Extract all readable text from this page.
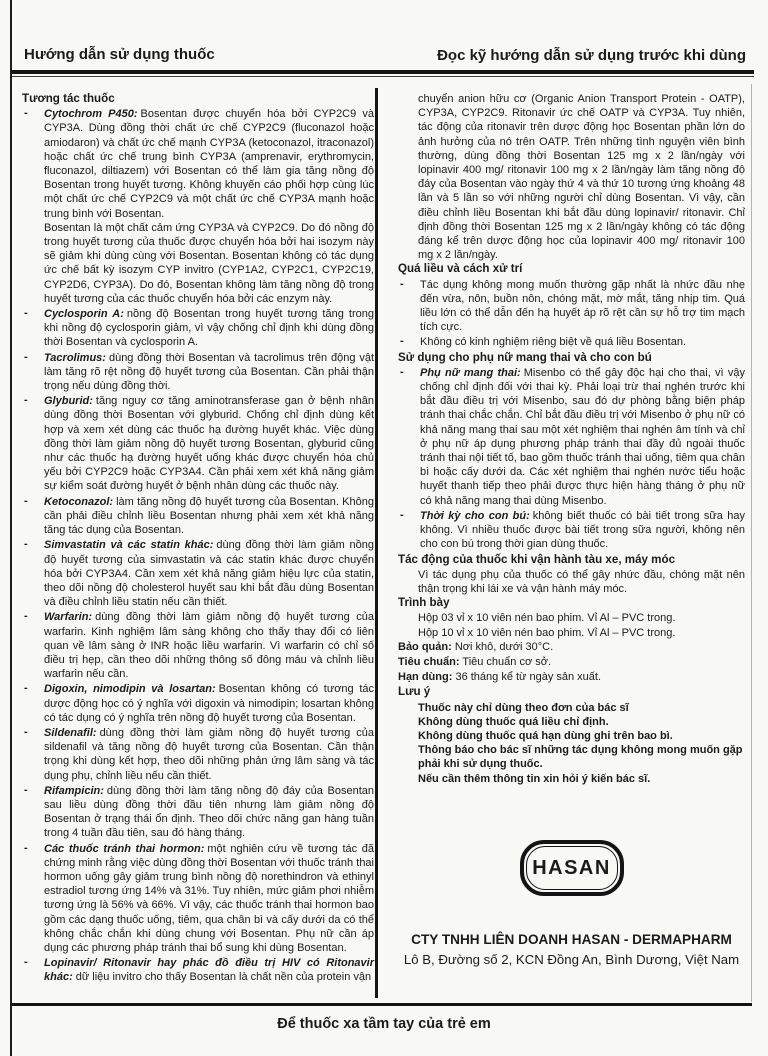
Hướng dẫn sử dụng thuốc	Đọc kỹ hướng dẫn sử dụng trước khi dùng
Tương tác thuốc

- Cytochrom P450: Bosentan được chuyển hóa bởi CYP2C9 và CYP3A. Dùng đồng thời chất ức chế CYP2C9 (fluconazol hoặc amiodaron) và chất ức chế mạnh CYP3A (ketoconazol, itraconazol) hoặc chất ức chế trung bình CYP3A (amprenavir, erythromycin, fluconazol, diltiazem) với Bosentan có thể làm gia tăng nồng độ Bosentan trong huyết tương. Không khuyến cáo phối hợp cùng lúc một chất ức chế CYP2C9 và một chất ức chế CYP3A mạnh hoặc trung bình với Bosentan.

Bosentan là một chất cảm ứng CYP3A và CYP2C9. Do đó nồng độ trong huyết tương của thuốc được chuyển hóa bởi hai isozym này sẽ giảm khi dùng cùng với Bosentan. Bosentan không có tác dụng ức chế bất kỳ isozym CYP invitro (CYP1A2, CYP2C1, CYP2C19, CYP2D6, CYP3A). Do đó, Bosentan không làm tăng nồng độ trong huyết tương của các thuốc chuyển hóa bởi các enzym này.

- Cyclosporin A: nồng độ Bosentan trong huyết tương tăng trong khi nồng độ cyclosporin giảm, vì vậy chống chỉ định khi dùng đồng thời Bosentan và cyclosporin A.

- Tacrolimus: dùng đồng thời Bosentan và tacrolimus trên động vật làm tăng rõ rệt nồng độ huyết tương của Bosentan. Cần phải thận trọng nếu dùng đồng thời.

- Glyburid: tăng nguy cơ tăng aminotransferase gan ở bệnh nhân dùng đồng thời Bosentan với glyburid. Chống chỉ định dùng kết hợp và xem xét dùng các thuốc hạ đường huyết khác. Việc dùng đồng thời làm giảm nồng độ huyết tương Bosentan, glyburid cũng như các thuốc hạ đường huyết uống khác được chuyển hóa chủ yếu bởi CYP2C9 hoặc CYP3A4. Cần phải xem xét khả năng giảm sự kiểm soát đường huyết ở bệnh nhân dùng các thuốc này.

- Ketoconazol: làm tăng nồng độ huyết tương của Bosentan. Không cần phải điều chỉnh liều Bosentan nhưng phải xem xét khả năng tăng tác dụng của Bosentan.

- Simvastatin và các statin khác: dùng đồng thời làm giảm nồng độ huyết tương của simvastatin và các statin khác được chuyển hóa bởi CYP3A4. Cần xem xét khả năng giảm hiệu lực của statin, theo dõi nồng độ cholesterol huyết sau khi bắt đầu dùng Bosentan và điều chỉnh liều statin nếu cần thiết.

- Warfarin: dùng đồng thời làm giảm nồng độ huyết tương của warfarin. Kinh nghiệm lâm sàng không cho thấy thay đổi có liên quan về lâm sàng ở INR hoặc liều warfarin. Vì warfarin có chỉ số điều trị hẹp, cần theo dõi những thông số đông máu và chỉnh liều warfarin nếu cần.

- Digoxin, nimodipin và losartan: Bosentan không có tương tác dược động học có ý nghĩa với digoxin và nimodipin; losartan không có tác dụng có ý nghĩa trên nồng độ huyết tương của Bosentan.

- Sildenafil: dùng đồng thời làm giảm nồng độ huyết tương của sildenafil và tăng nồng độ huyết tương của Bosentan. Cần thận trọng khi dùng kết hợp, theo dõi những phản ứng lâm sàng và tác dụng phụ, chỉnh liều nếu cần thiết.

- Rifampicin: dùng đồng thời làm tăng nồng độ đáy của Bosentan sau liều dùng đồng thời đầu tiên nhưng làm giảm nồng độ Bosentan ở trạng thái ổn định. Theo dõi chức năng gan hàng tuần trong 4 tuần đầu tiên, sau đó hàng tháng.

- Các thuốc tránh thai hormon: một nghiên cứu về tương tác đã chứng minh rằng việc dùng đồng thời Bosentan với thuốc tránh thai hormon uống gây giảm trung bình nồng độ norethindron và ethinyl estradiol tương ứng 14% và 31%. Tuy nhiên, mức giảm phơi nhiễm tương ứng là 56% và 66%. Vì vậy, các thuốc tránh thai hormon bao gồm các dạng thuốc uống, tiêm, qua chân bì và cấy dưới da có thể không chắc chắn khi dùng chung với Bosentan. Phụ nữ cần áp dụng các phương pháp tránh thai bổ sung khi dùng Bosentan.

- Lopinavir/ Ritonavir hay phác đồ điều trị HIV có Ritonavir khác: dữ liệu invitro cho thấy Bosentan là chất nền của protein vận

chuyển anion hữu cơ (Organic Anion Transport Protein - OATP), CYP3A, CYP2C9. Ritonavir ức chế OATP và CYP3A. Tuy nhiên, tác động của ritonavir trên dược động học Bosentan phần lớn do ảnh hưởng của nó trên OATP. Trên những tình nguyện viên bình thường, dùng đồng thời Bosentan 125 mg x 2 lần/ngày với lopinavir 400 mg/ ritonavir 100 mg x 2 lần/ngày làm tăng nồng độ đáy của Bosentan vào ngày thứ 4 và thứ 10 tương ứng khoảng 48 lần và 5 lần so với những người chỉ dùng Bosentan. Vì vậy, cần điều chỉnh liều Bosentan khi bắt đầu dùng lopinavir/ ritonavir. Chỉ định đồng thời Bosentan 125 mg x 2 lần/ngày không có tác động đáng kể trên dược động học của lopinavir 400 mg/ ritonavir 100 mg x 2 lần/ngày.

Quá liều và cách xử trí

- Tác dụng không mong muốn thường gặp nhất là nhức đầu nhẹ đến vừa, nôn, buồn nôn, chóng mặt, mờ mắt, tăng nhịp tim. Quá liều lớn có thể dẫn đến hạ huyết áp rõ rệt cần sự hỗ trợ tim mạch tích cực.

- Không có kinh nghiệm riêng biệt về quá liều Bosentan.

Sử dụng cho phụ nữ mang thai và cho con bú

- Phụ nữ mang thai: Misenbo có thể gây độc hại cho thai, vì vậy chống chỉ định đối với thai kỳ. Phải loại trừ thai nghén trước khi bắt đầu điều trị với Misenbo, sau đó dự phòng bằng biện pháp tránh thai chắc chắn. Chỉ bắt đầu điều trị với Misenbo ở phụ nữ có khả năng mang thai sau một xét nghiệm thai nghén âm tính và chỉ ở phụ nữ áp dụng phương pháp tránh thai đầy đủ ngoài thuốc tránh thai nội tiết tố, bao gồm thuốc tránh thai uống, tiêm qua chân bì hoặc cấy dưới da. Các xét nghiệm thai nghén nước tiểu hoặc huyết thanh tiếp theo phải được thực hiện hàng tháng ở phụ nữ có khả năng mang thai dùng Misenbo.

- Thời kỳ cho con bú: không biết thuốc có bài tiết trong sữa hay không. Vì nhiều thuốc được bài tiết trong sữa người, không nên cho con bú trong thời gian dùng thuốc.

Tác động của thuốc khi vận hành tàu xe, máy móc

Vì tác dụng phụ của thuốc có thể gây nhức đầu, chóng mặt nên thận trọng khi lái xe và vận hành máy móc.

Trình bày
Hộp 03 vỉ x 10 viên nén bao phim. Vỉ Al – PVC trong.
Hộp 10 vỉ x 10 viên nén bao phim. Vỉ Al – PVC trong.

Bảo quản: Nơi khô, dưới 30°C.

Tiêu chuẩn: Tiêu chuẩn cơ sở.

Hạn dùng: 36 tháng kể từ ngày sản xuất.

Lưu ý
Thuốc này chỉ dùng theo đơn của bác sĩ
Không dùng thuốc quá liều chỉ định.
Không dùng thuốc quá hạn dùng ghi trên bao bì.
Thông báo cho bác sĩ những tác dụng không mong muốn gặp phải khi sử dụng thuốc.
Nếu cần thêm thông tin xin hỏi ý kiến bác sĩ.
HASAN
CTY TNHH LIÊN DOANH HASAN - DERMAPHARM
Lô B, Đường số 2, KCN Đồng An, Bình Dương, Việt Nam
Để thuốc xa tầm tay của trẻ em
